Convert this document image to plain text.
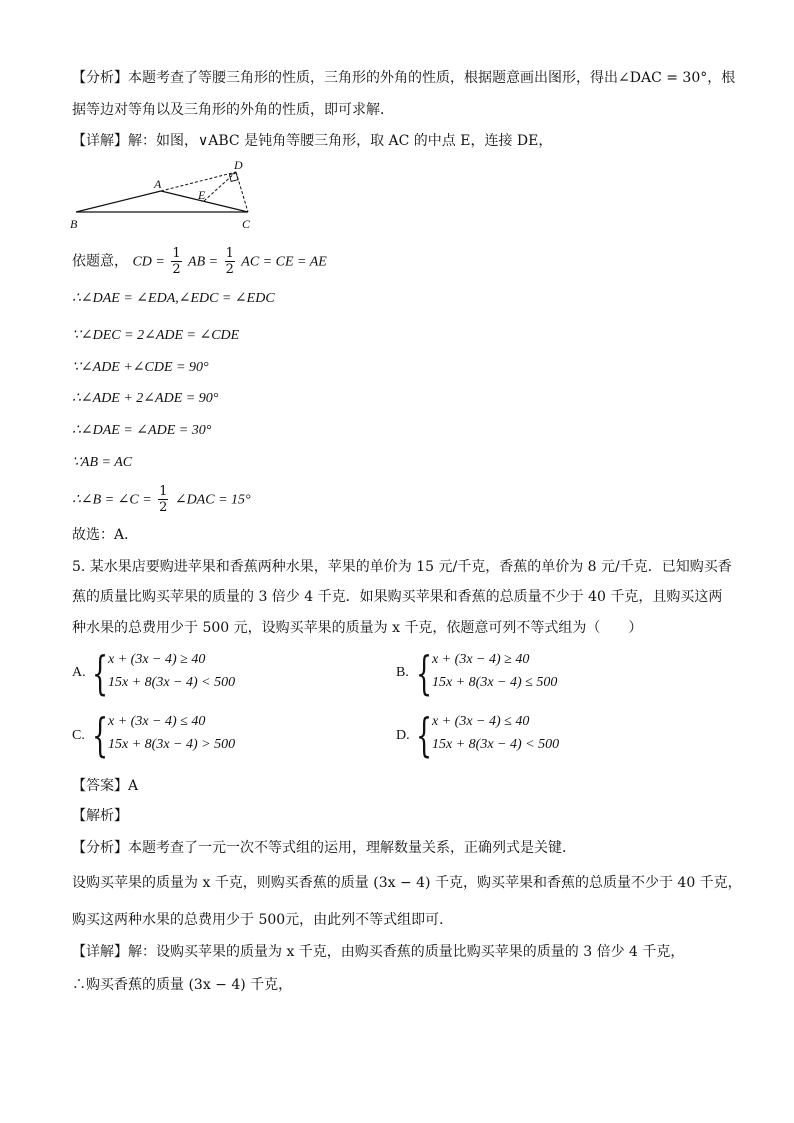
【分析】本题考查了等腰三角形的性质，三角形的外角的性质，根据题意画出图形，得出∠DAC = 30°，根
据等边对等角以及三角形的外角的性质，即可求解．
【详解】解：如图，∨ABC 是钝角等腰三角形，取 AC 的中点 E，连接 DE，
B
A
E
D
C
依题意， CD = $\frac{1}{2}$ AB = $\frac{1}{2}$ AC = CE = AE
∴∠DAE = ∠EDA,∠EDC = ∠EDC
∵∠DEC = 2∠ADE = ∠CDE
∵∠ADE +∠CDE = 90°
∴∠ADE + 2∠ADE = 90°
∴∠DAE = ∠ADE = 30°
∵AB = AC
∴∠B = ∠C = $\frac{1}{2}$ ∠DAC = 15°
故选：A．
5. 某水果店要购进苹果和香蕉两种水果，苹果的单价为 15 元/千克，香蕉的单价为 8 元/千克．已知购买香
蕉的质量比购买苹果的质量的 3 倍少 4 千克．如果购买苹果和香蕉的总质量不少于 40 千克，且购买这两
种水果的总费用少于 500 元，设购买苹果的质量为 x 千克，依题意可列不等式组为（　　）
A. { x + (3x − 4) ≥ 40
15x + 8(3x − 4) < 500
B. { x + (3x − 4) ≥ 40
15x + 8(3x − 4) ≤ 500
C. { x + (3x − 4) ≤ 40
15x + 8(3x − 4) > 500
D. { x + (3x − 4) ≤ 40
15x + 8(3x − 4) < 500
【答案】A
【解析】
【分析】本题考查了一元一次不等式组的运用，理解数量关系，正确列式是关键．
设购买苹果的质量为 x 千克，则购买香蕉的质量 (3x − 4) 千克，购买苹果和香蕉的总质量不少于 40 千克，
购买这两种水果的总费用少于 500元，由此列不等式组即可．
【详解】解：设购买苹果的质量为 x 千克，由购买香蕉的质量比购买苹果的质量的 3 倍少 4 千克，
∴购买香蕉的质量 (3x − 4) 千克，
